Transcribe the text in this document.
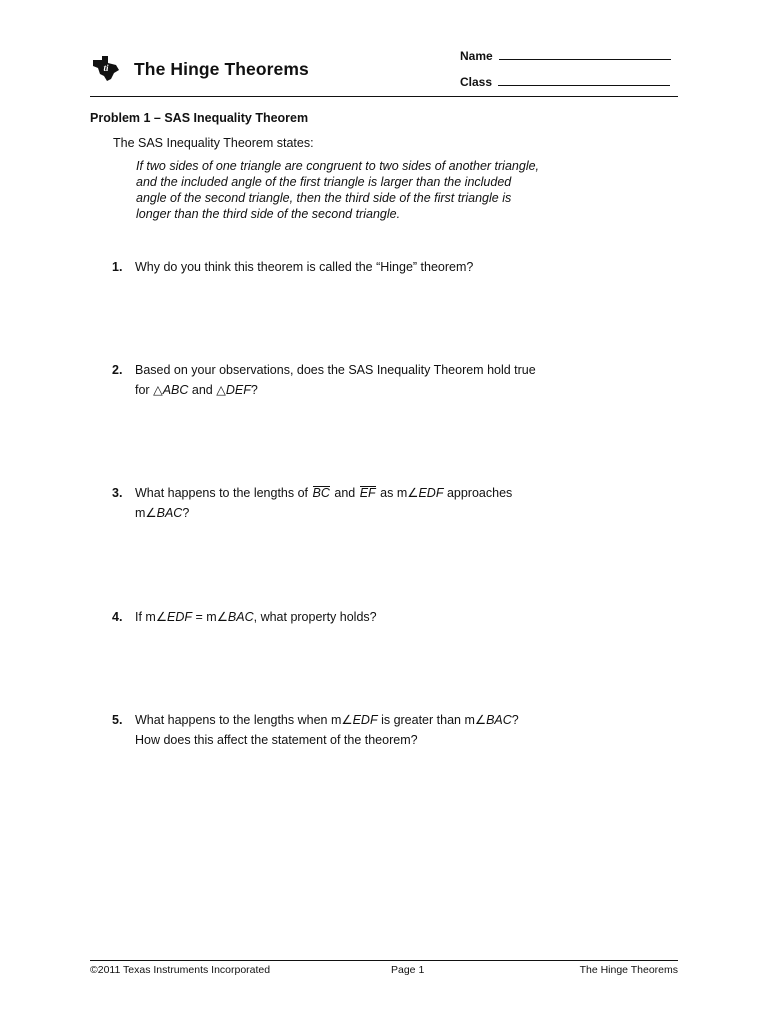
ti The Hinge Theorems
Name
Class
Problem 1 – SAS Inequality Theorem
The SAS Inequality Theorem states:
If two sides of one triangle are congruent to two sides of another triangle,
and the included angle of the first triangle is larger than the included
angle of the second triangle, then the third side of the first triangle is
longer than the third side of the second triangle.
1. Why do you think this theorem is called the “Hinge” theorem?
2. Based on your observations, does the SAS Inequality Theorem hold true
for △ABC and △DEF?
3. What happens to the lengths of BC and EF as m∠EDF approaches
m∠BAC?
4. If m∠EDF = m∠BAC, what property holds?
5. What happens to the lengths when m∠EDF is greater than m∠BAC?
How does this affect the statement of the theorem?
©2011 Texas Instruments Incorporated	Page 1	The Hinge Theorems
